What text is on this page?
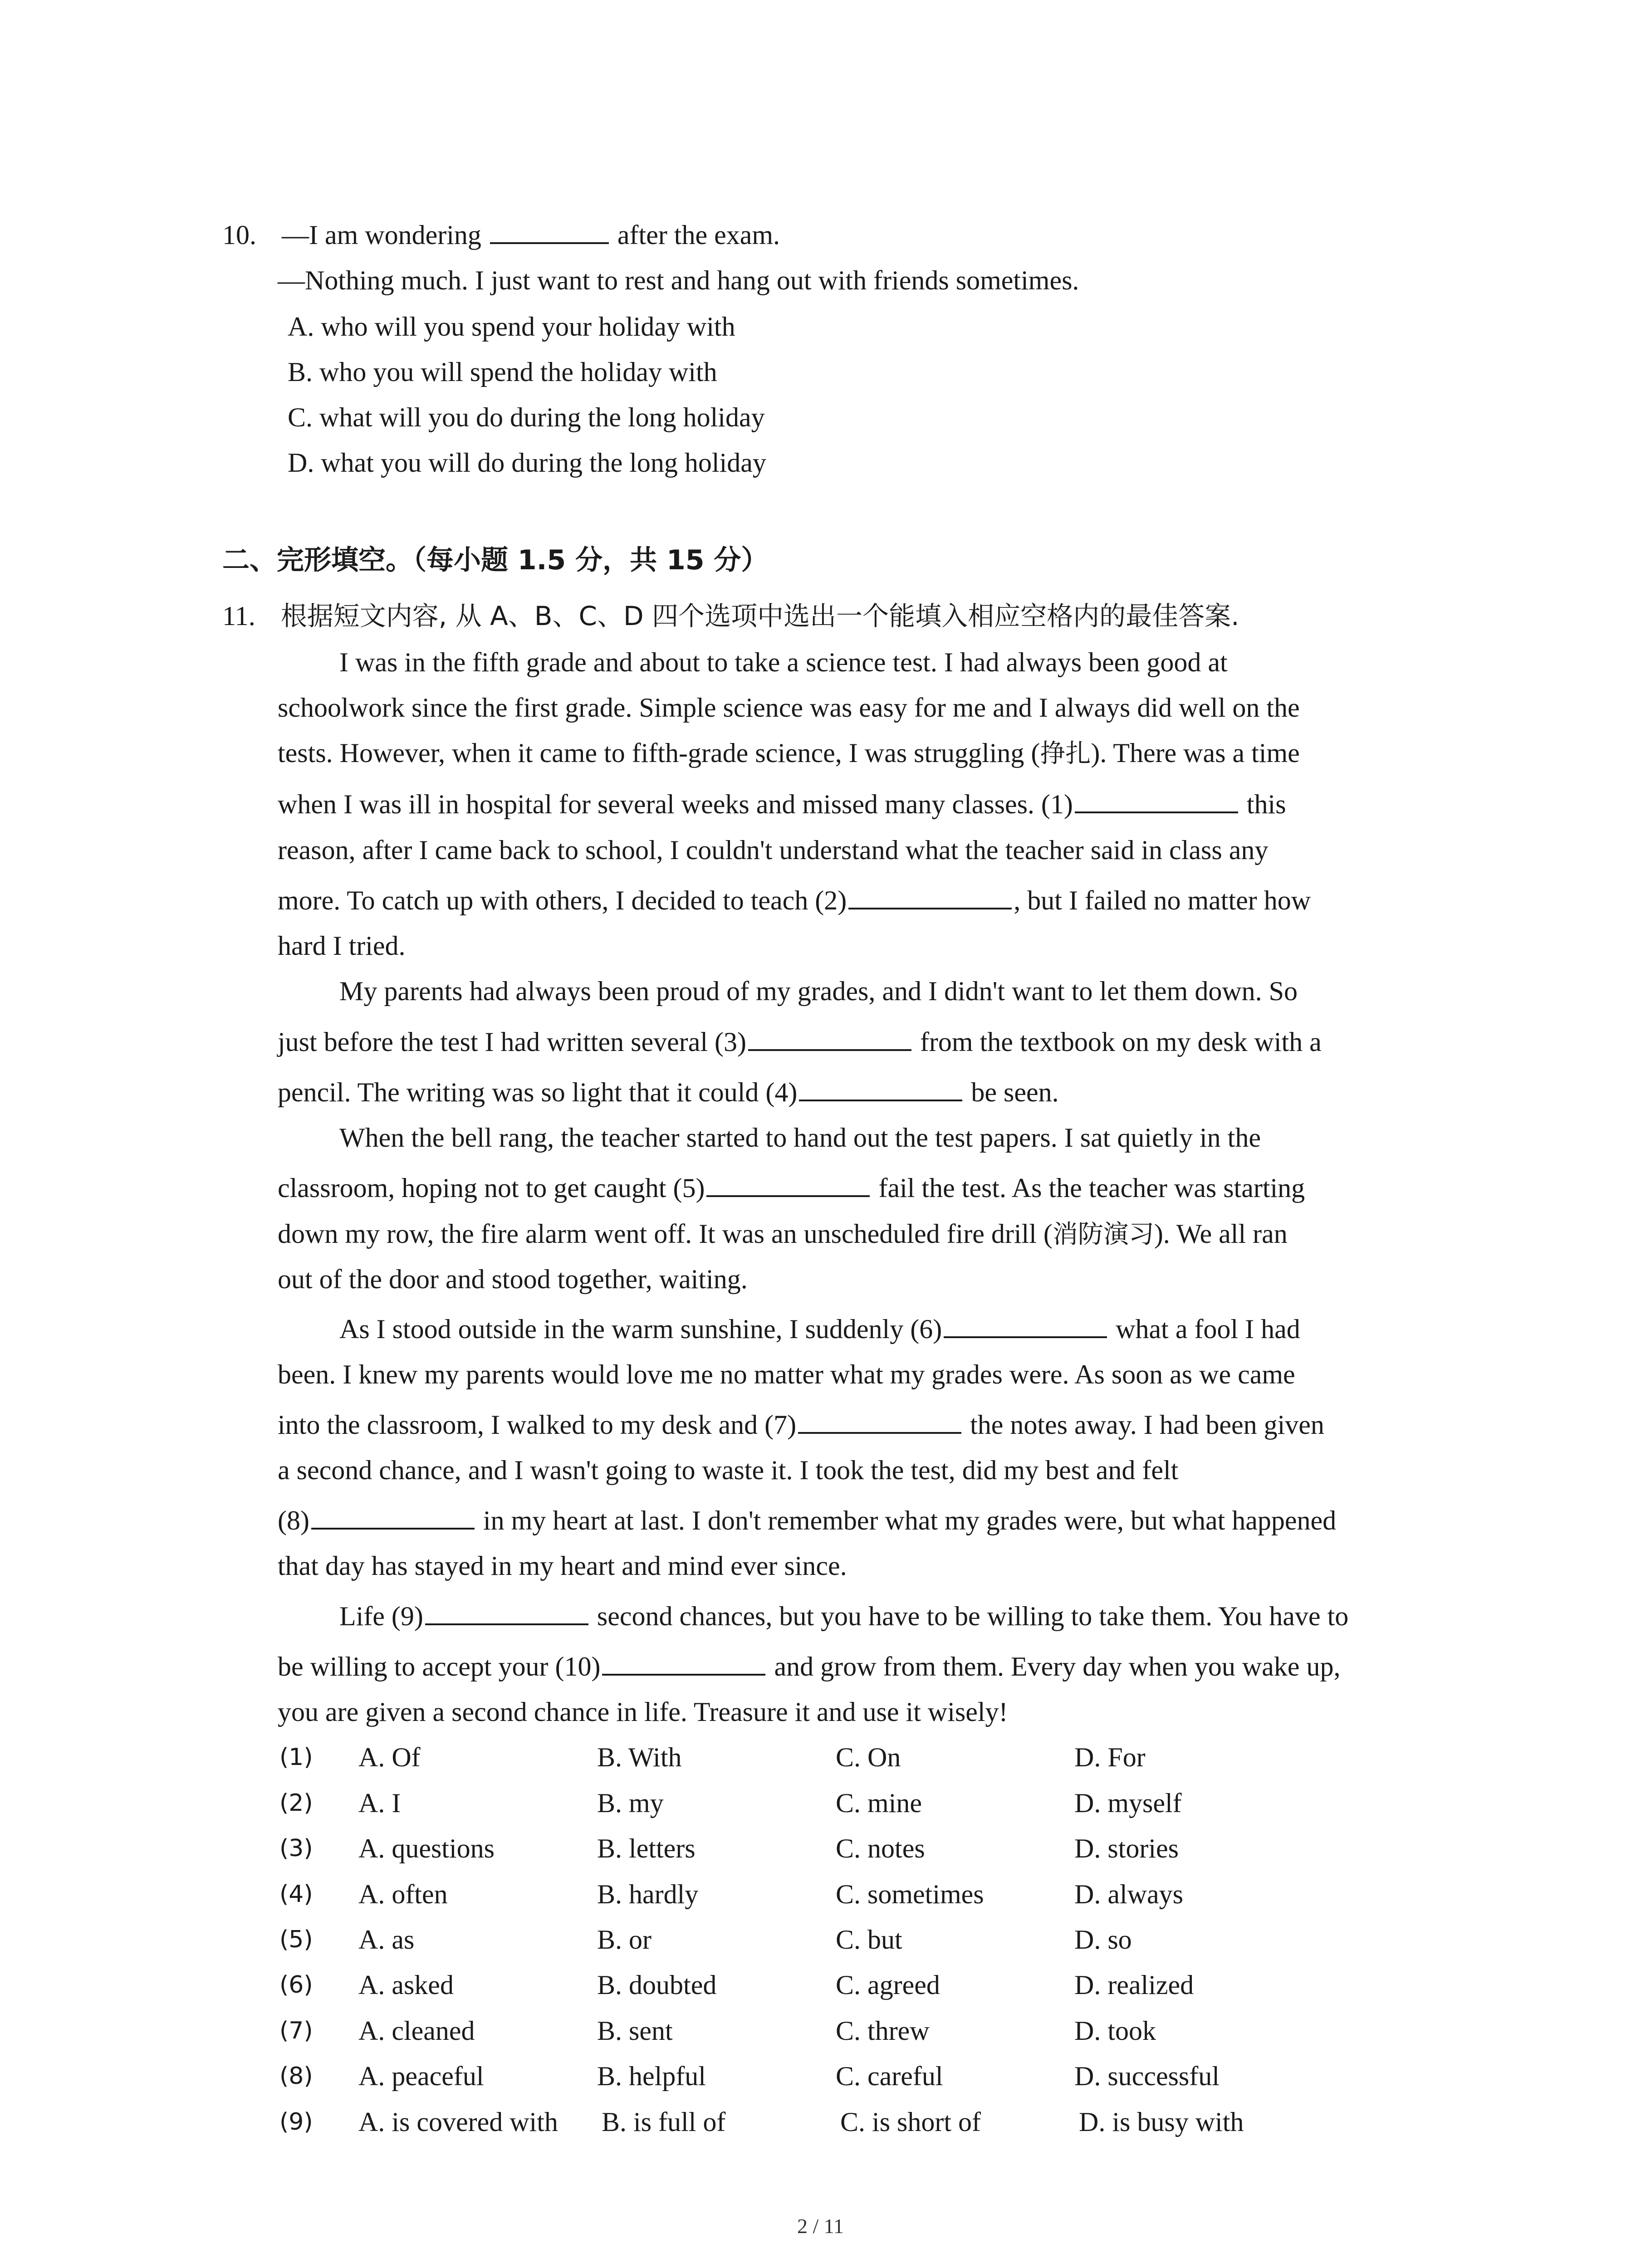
10. —I am wondering	after the exam.
—Nothing much. I just want to rest and hang out with friends sometimes.
A. who will you spend your holiday with
B. who you will spend the holiday with
C. what will you do during the long holiday
D. what you will do during the long holiday
二、完形填空。（每小题 1.5 分，共 15 分）
11. 根据短文内容, 从 A、B、C、D 四个选项中选出一个能填入相应空格内的最佳答案.
I was in the fifth grade and about to take a science test. I had always been good at
schoolwork since the first grade. Simple science was easy for me and I always did well on the
tests. However, when it came to fifth-grade science, I was struggling (挣扎). There was a time
when I was ill in hospital for several weeks and missed many classes. (1)	this
reason, after I came back to school, I couldn't understand what the teacher said in class any
more. To catch up with others, I decided to teach (2)	, but I failed no matter how
hard I tried.
My parents had always been proud of my grades, and I didn't want to let them down. So
just before the test I had written several (3)	from the textbook on my desk with a
pencil. The writing was so light that it could (4)	be seen.
When the bell rang, the teacher started to hand out the test papers. I sat quietly in the
classroom, hoping not to get caught (5)	fail the test. As the teacher was starting
down my row, the fire alarm went off. It was an unscheduled fire drill (消防演习). We all ran
out of the door and stood together, waiting.
As I stood outside in the warm sunshine, I suddenly (6)	what a fool I had
been. I knew my parents would love me no matter what my grades were. As soon as we came
into the classroom, I walked to my desk and (7)	the notes away. I had been given
a second chance, and I wasn't going to waste it. I took the test, did my best and felt
(8)	in my heart at last. I don't remember what my grades were, but what happened
that day has stayed in my heart and mind ever since.
Life (9)	second chances, but you have to be willing to take them. You have to
be willing to accept your (10)	and grow from them. Every day when you wake up,
you are given a second chance in life. Treasure it and use it wisely!
(1) A. Of	B. With	C. On	D. For
(2) A. I	B. my	C. mine	D. myself
(3) A. questions	B. letters	C. notes	D. stories
(4) A. often	B. hardly	C. sometimes	D. always
(5) A. as	B. or	C. but	D. so
(6) A. asked	B. doubted	C. agreed	D. realized
(7) A. cleaned	B. sent	C. threw	D. took
(8) A. peaceful	B. helpful	C. careful	D. successful
(9) A. is covered with B. is full of	C. is short of	D. is busy with
2 / 11
